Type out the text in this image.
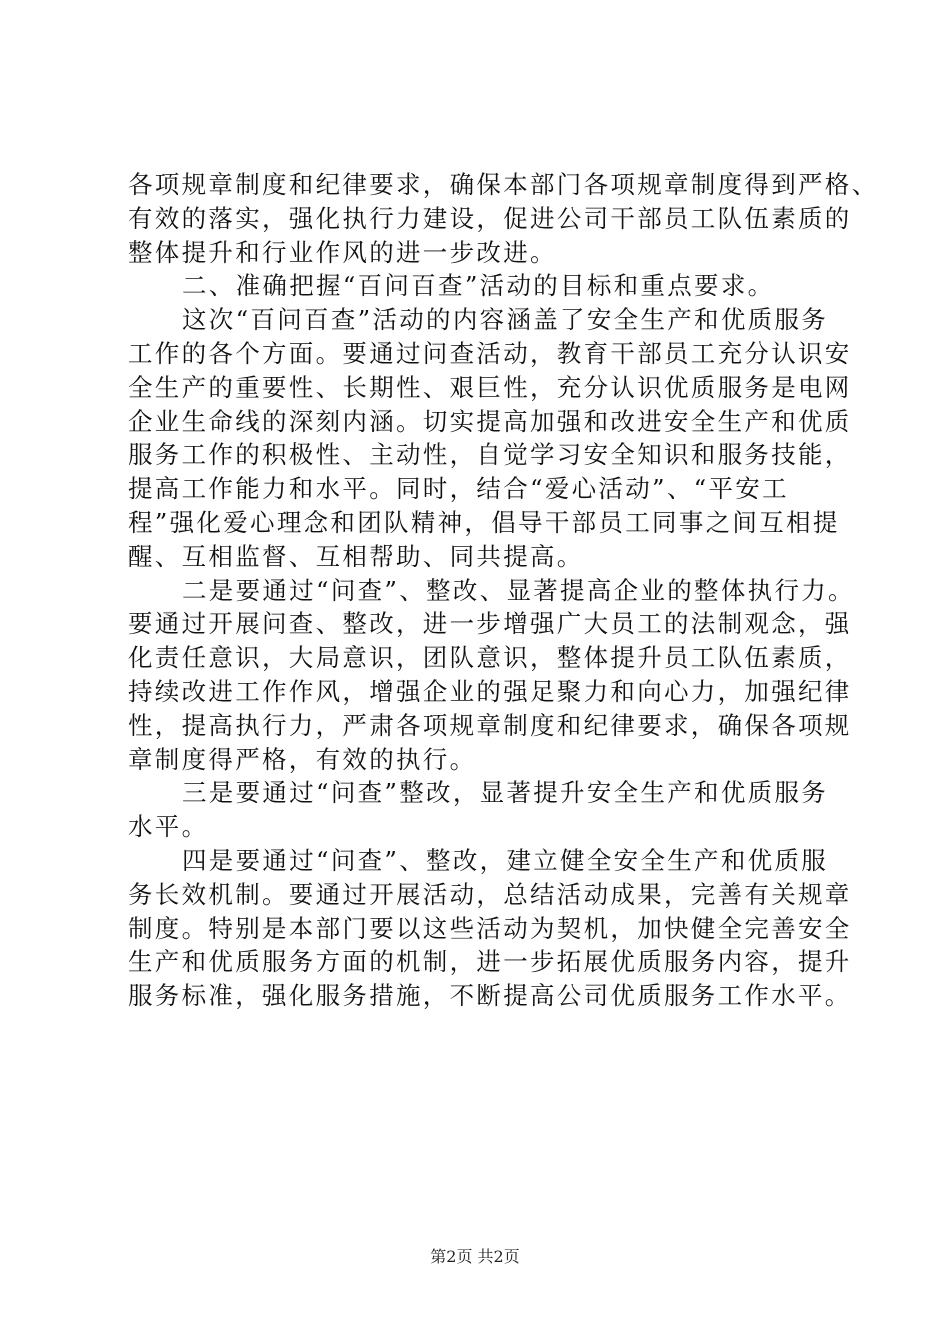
各项规章制度和纪律要求，确保本部门各项规章制度得到严格、
有效的落实，强化执行力建设，促进公司干部员工队伍素质的
整体提升和行业作风的进一步改进。
二、准确把握“百问百查”活动的目标和重点要求。
这次“百问百查”活动的内容涵盖了安全生产和优质服务
工作的各个方面。要通过问查活动，教育干部员工充分认识安
全生产的重要性、长期性、艰巨性，充分认识优质服务是电网
企业生命线的深刻内涵。切实提高加强和改进安全生产和优质
服务工作的积极性、主动性，自觉学习安全知识和服务技能，
提高工作能力和水平。同时，结合“爱心活动”、“平安工
程”强化爱心理念和团队精神，倡导干部员工同事之间互相提
醒、互相监督、互相帮助、同共提高。
二是要通过“问查”、整改、显著提高企业的整体执行力。
要通过开展问查、整改，进一步增强广大员工的法制观念，强
化责任意识，大局意识，团队意识，整体提升员工队伍素质，
持续改进工作作风，增强企业的强足聚力和向心力，加强纪律
性，提高执行力，严肃各项规章制度和纪律要求，确保各项规
章制度得严格，有效的执行。
三是要通过“问查”整改，显著提升安全生产和优质服务
水平。
四是要通过“问查”、整改，建立健全安全生产和优质服
务长效机制。要通过开展活动，总结活动成果，完善有关规章
制度。特别是本部门要以这些活动为契机，加快健全完善安全
生产和优质服务方面的机制，进一步拓展优质服务内容，提升
服务标准，强化服务措施，不断提高公司优质服务工作水平。
第2页 共2页
